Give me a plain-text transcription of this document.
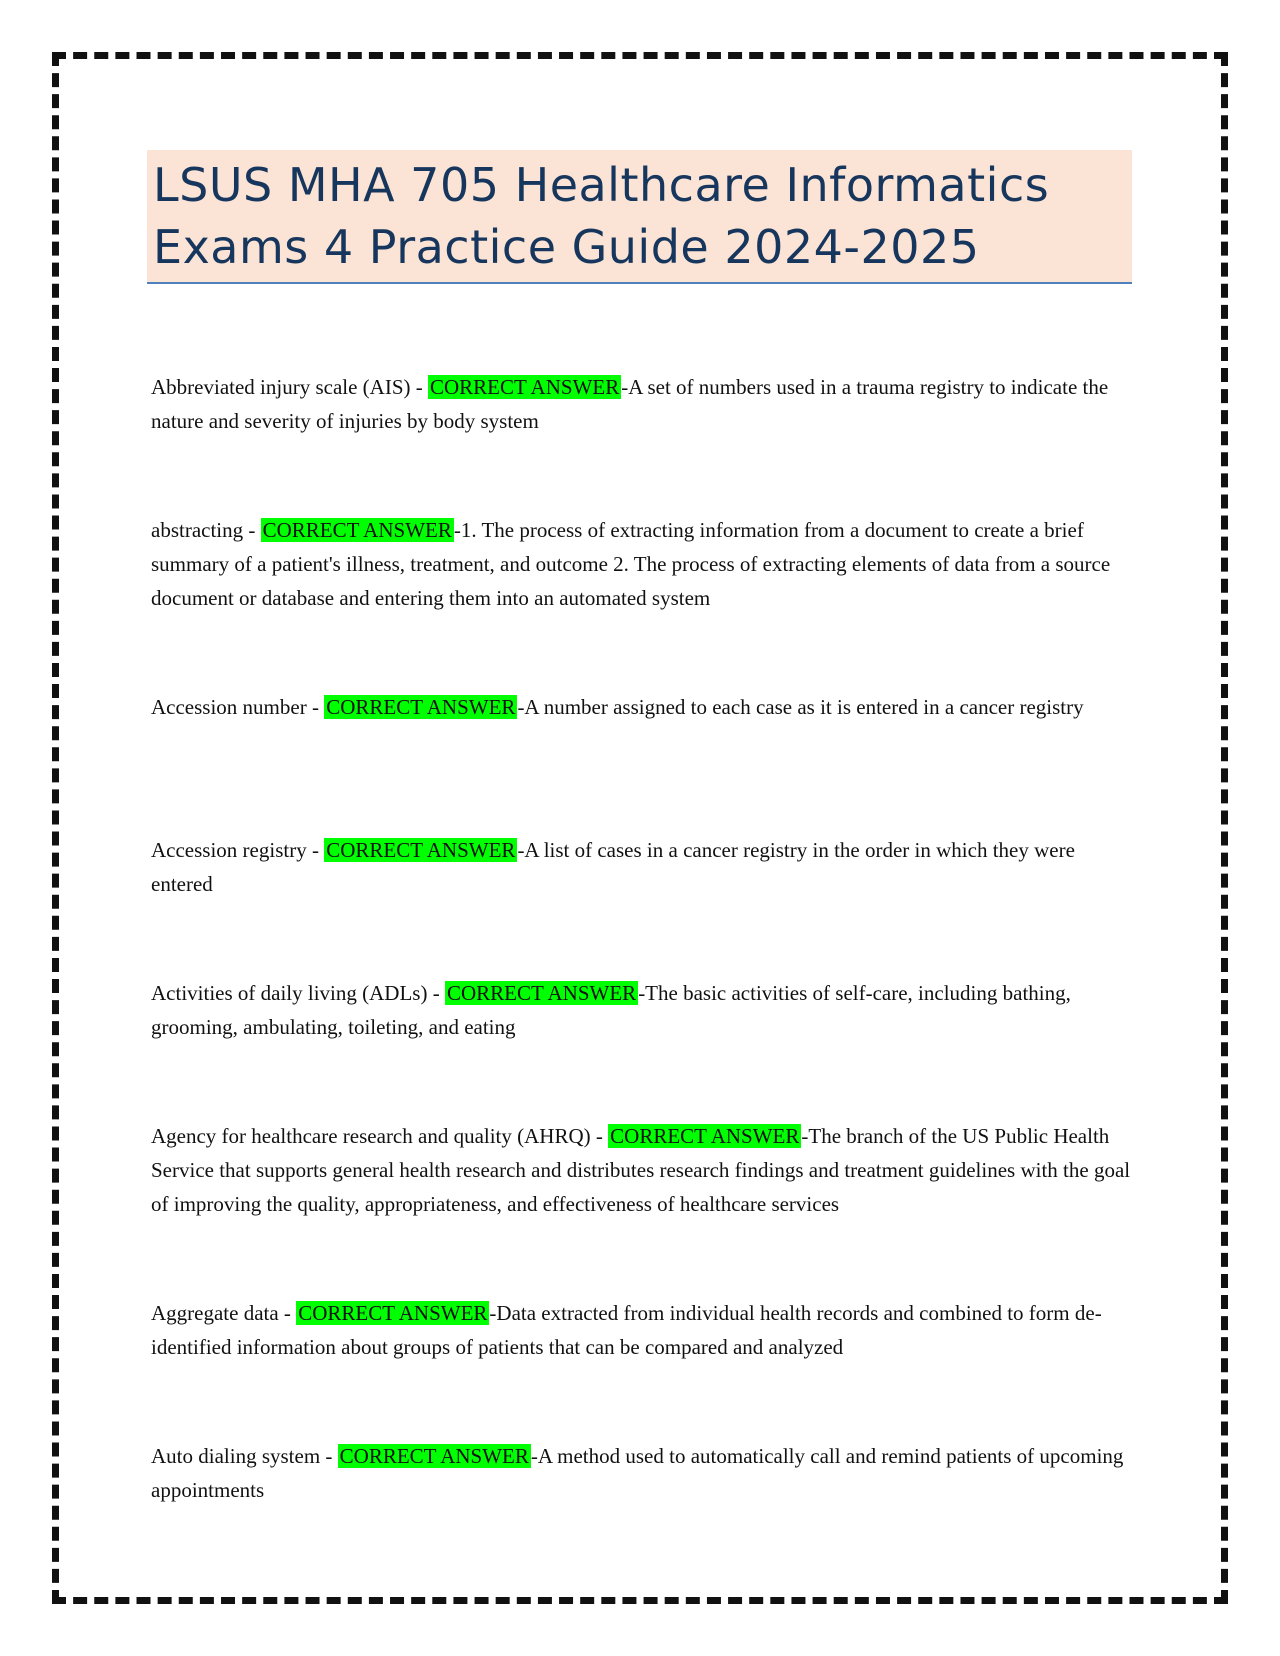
LSUS MHA 705 Healthcare Informatics
Exams 4 Practice Guide 2024-2025

Abbreviated injury scale (AIS) - CORRECT ANSWER-A set of numbers used in a trauma registry to indicate the nature and severity of injuries by body system

abstracting - CORRECT ANSWER-1. The process of extracting information from a document to create a brief summary of a patient's illness, treatment, and outcome 2. The process of extracting elements of data from a source document or database and entering them into an automated system

Accession number - CORRECT ANSWER-A number assigned to each case as it is entered in a cancer registry

Accession registry - CORRECT ANSWER-A list of cases in a cancer registry in the order in which they were entered

Activities of daily living (ADLs) - CORRECT ANSWER-The basic activities of self-care, including bathing, grooming, ambulating, toileting, and eating

Agency for healthcare research and quality (AHRQ) - CORRECT ANSWER-The branch of the US Public Health Service that supports general health research and distributes research findings and treatment guidelines with the goal of improving the quality, appropriateness, and effectiveness of healthcare services

Aggregate data - CORRECT ANSWER-Data extracted from individual health records and combined to form de-identified information about groups of patients that can be compared and analyzed

Auto dialing system - CORRECT ANSWER-A method used to automatically call and remind patients of upcoming appointments
